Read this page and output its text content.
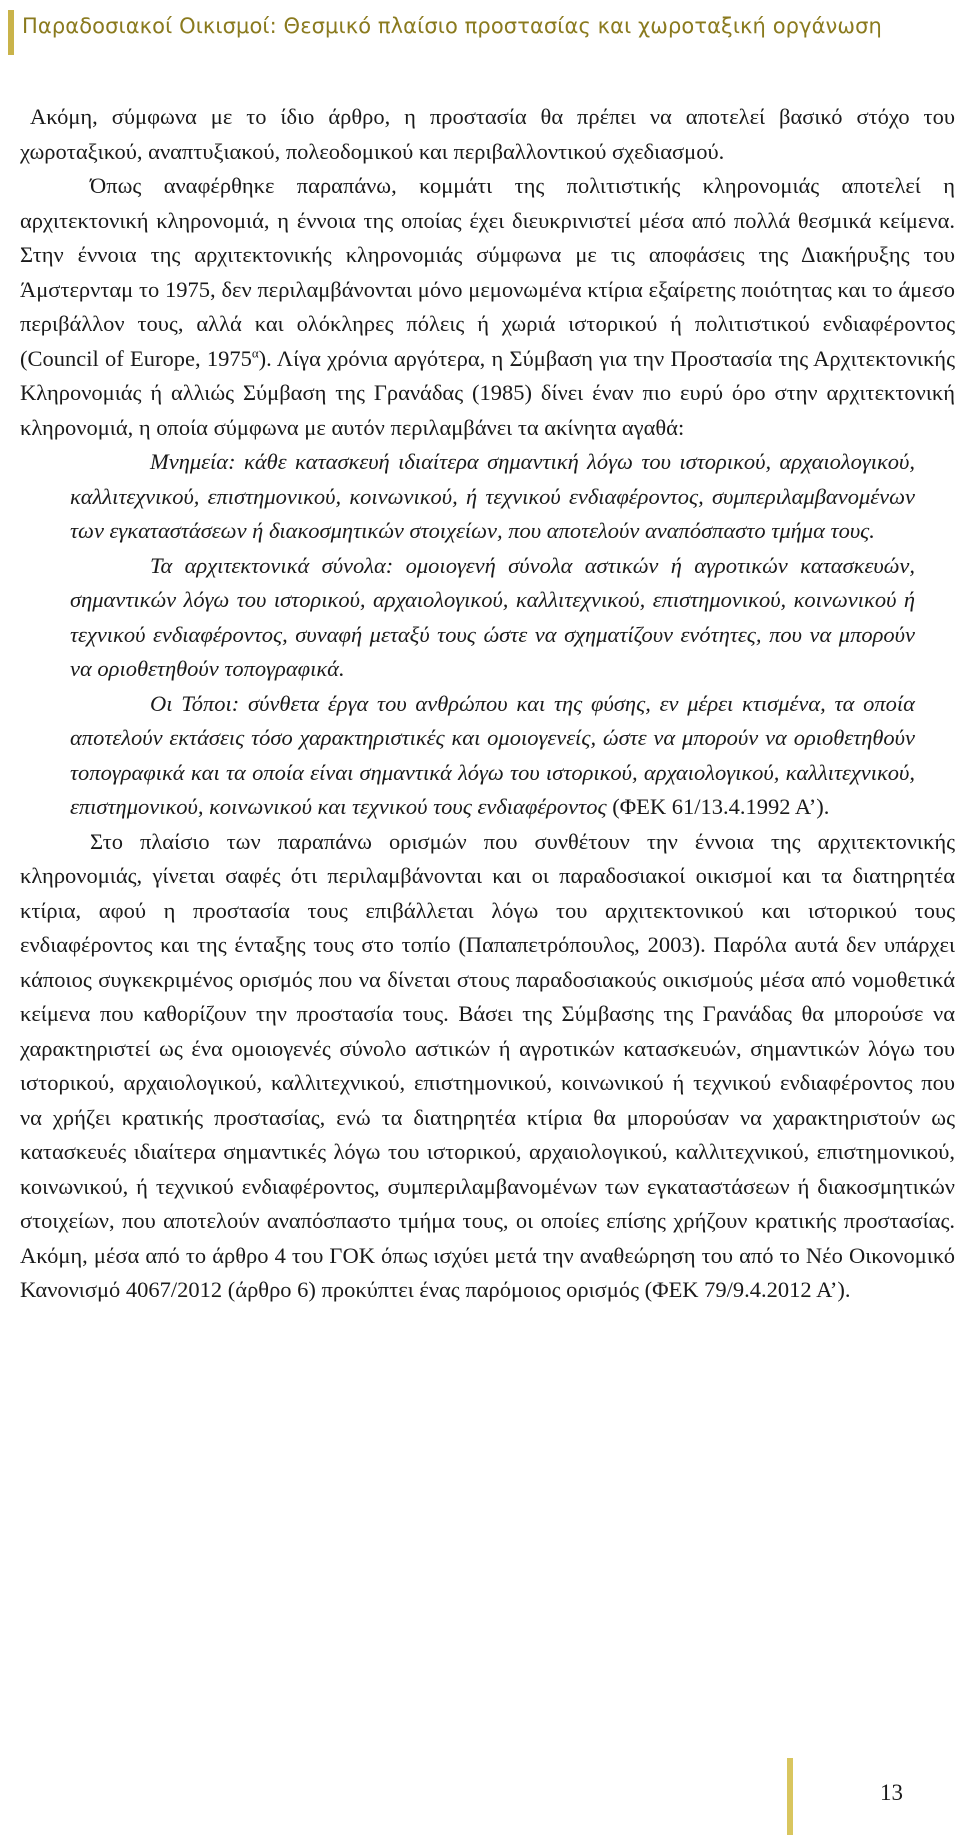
Παραδοσιακοί Οικισμοί: Θεσμικό πλαίσιο προστασίας και χωροταξική οργάνωση

Ακόμη, σύμφωνα με το ίδιο άρθρο, η προστασία θα πρέπει να αποτελεί βασικό στόχο του χωροταξικού, αναπτυξιακού, πολεοδομικού και περιβαλλοντικού σχεδιασμού.

Όπως αναφέρθηκε παραπάνω, κομμάτι της πολιτιστικής κληρονομιάς αποτελεί η αρχιτεκτονική κληρονομιά, η έννοια της οποίας έχει διευκρινιστεί μέσα από πολλά θεσμικά κείμενα. Στην έννοια της αρχιτεκτονικής κληρονομιάς σύμφωνα με τις αποφάσεις της Διακήρυξης του Άμστερνταμ το 1975, δεν περιλαμβάνονται μόνο μεμονωμένα κτίρια εξαίρετης ποιότητας και το άμεσο περιβάλλον τους, αλλά και ολόκληρες πόλεις ή χωριά ιστορικού ή πολιτιστικού ενδιαφέροντος (Council of Europe, $1975^\alpha$). Λίγα χρόνια αργότερα, η Σύμβαση για την Προστασία της Αρχιτεκτονικής Κληρονομιάς ή αλλιώς Σύμβαση της Γρανάδας (1985) δίνει έναν πιο ευρύ όρο στην αρχιτεκτονική κληρονομιά, η οποία σύμφωνα με αυτόν περιλαμβάνει τα ακίνητα αγαθά:

Μνημεία: κάθε κατασκευή ιδιαίτερα σημαντική λόγω του ιστορικού, αρχαιολογικού, καλλιτεχνικού, επιστημονικού, κοινωνικού, ή τεχνικού ενδιαφέροντος, συμπεριλαμβανομένων των εγκαταστάσεων ή διακοσμητικών στοιχείων, που αποτελούν αναπόσπαστο τμήμα τους.

Τα αρχιτεκτονικά σύνολα: ομοιογενή σύνολα αστικών ή αγροτικών κατασκευών, σημαντικών λόγω του ιστορικού, αρχαιολογικού, καλλιτεχνικού, επιστημονικού, κοινωνικού ή τεχνικού ενδιαφέροντος, συναφή μεταξύ τους ώστε να σχηματίζουν ενότητες, που να μπορούν να οριοθετηθούν τοπογραφικά.

Οι Τόποι: σύνθετα έργα του ανθρώπου και της φύσης, εν μέρει κτισμένα, τα οποία αποτελούν εκτάσεις τόσο χαρακτηριστικές και ομοιογενείς, ώστε να μπορούν να οριοθετηθούν τοπογραφικά και τα οποία είναι σημαντικά λόγω του ιστορικού, αρχαιολογικού, καλλιτεχνικού, επιστημονικού, κοινωνικού και τεχνικού τους ενδιαφέροντος (ΦΕΚ 61/13.4.1992 Α’).

Στο πλαίσιο των παραπάνω ορισμών που συνθέτουν την έννοια της αρχιτεκτονικής κληρονομιάς, γίνεται σαφές ότι περιλαμβάνονται και οι παραδοσιακοί οικισμοί και τα διατηρητέα κτίρια, αφού η προστασία τους επιβάλλεται λόγω του αρχιτεκτονικού και ιστορικού τους ενδιαφέροντος και της ένταξης τους στο τοπίο (Παπαπετρόπουλος, 2003). Παρόλα αυτά δεν υπάρχει κάποιος συγκεκριμένος ορισμός που να δίνεται στους παραδοσιακούς οικισμούς μέσα από νομοθετικά κείμενα που καθορίζουν την προστασία τους. Βάσει της Σύμβασης της Γρανάδας θα μπορούσε να χαρακτηριστεί ως ένα ομοιογενές σύνολο αστικών ή αγροτικών κατασκευών, σημαντικών λόγω του ιστορικού, αρχαιολογικού, καλλιτεχνικού, επιστημονικού, κοινωνικού ή τεχνικού ενδιαφέροντος που να χρήζει κρατικής προστασίας, ενώ τα διατηρητέα κτίρια θα μπορούσαν να χαρακτηριστούν ως κατασκευές ιδιαίτερα σημαντικές λόγω του ιστορικού, αρχαιολογικού, καλλιτεχνικού, επιστημονικού, κοινωνικού, ή τεχνικού ενδιαφέροντος, συμπεριλαμβανομένων των εγκαταστάσεων ή διακοσμητικών στοιχείων, που αποτελούν αναπόσπαστο τμήμα τους, οι οποίες επίσης χρήζουν κρατικής προστασίας. Ακόμη, μέσα από το άρθρο 4 του ΓΟΚ όπως ισχύει μετά την αναθεώρηση του από το Νέο Οικονομικό Κανονισμό 4067/2012 (άρθρο 6) προκύπτει ένας παρόμοιος ορισμός (ΦΕΚ 79/9.4.2012 Α’).

13
